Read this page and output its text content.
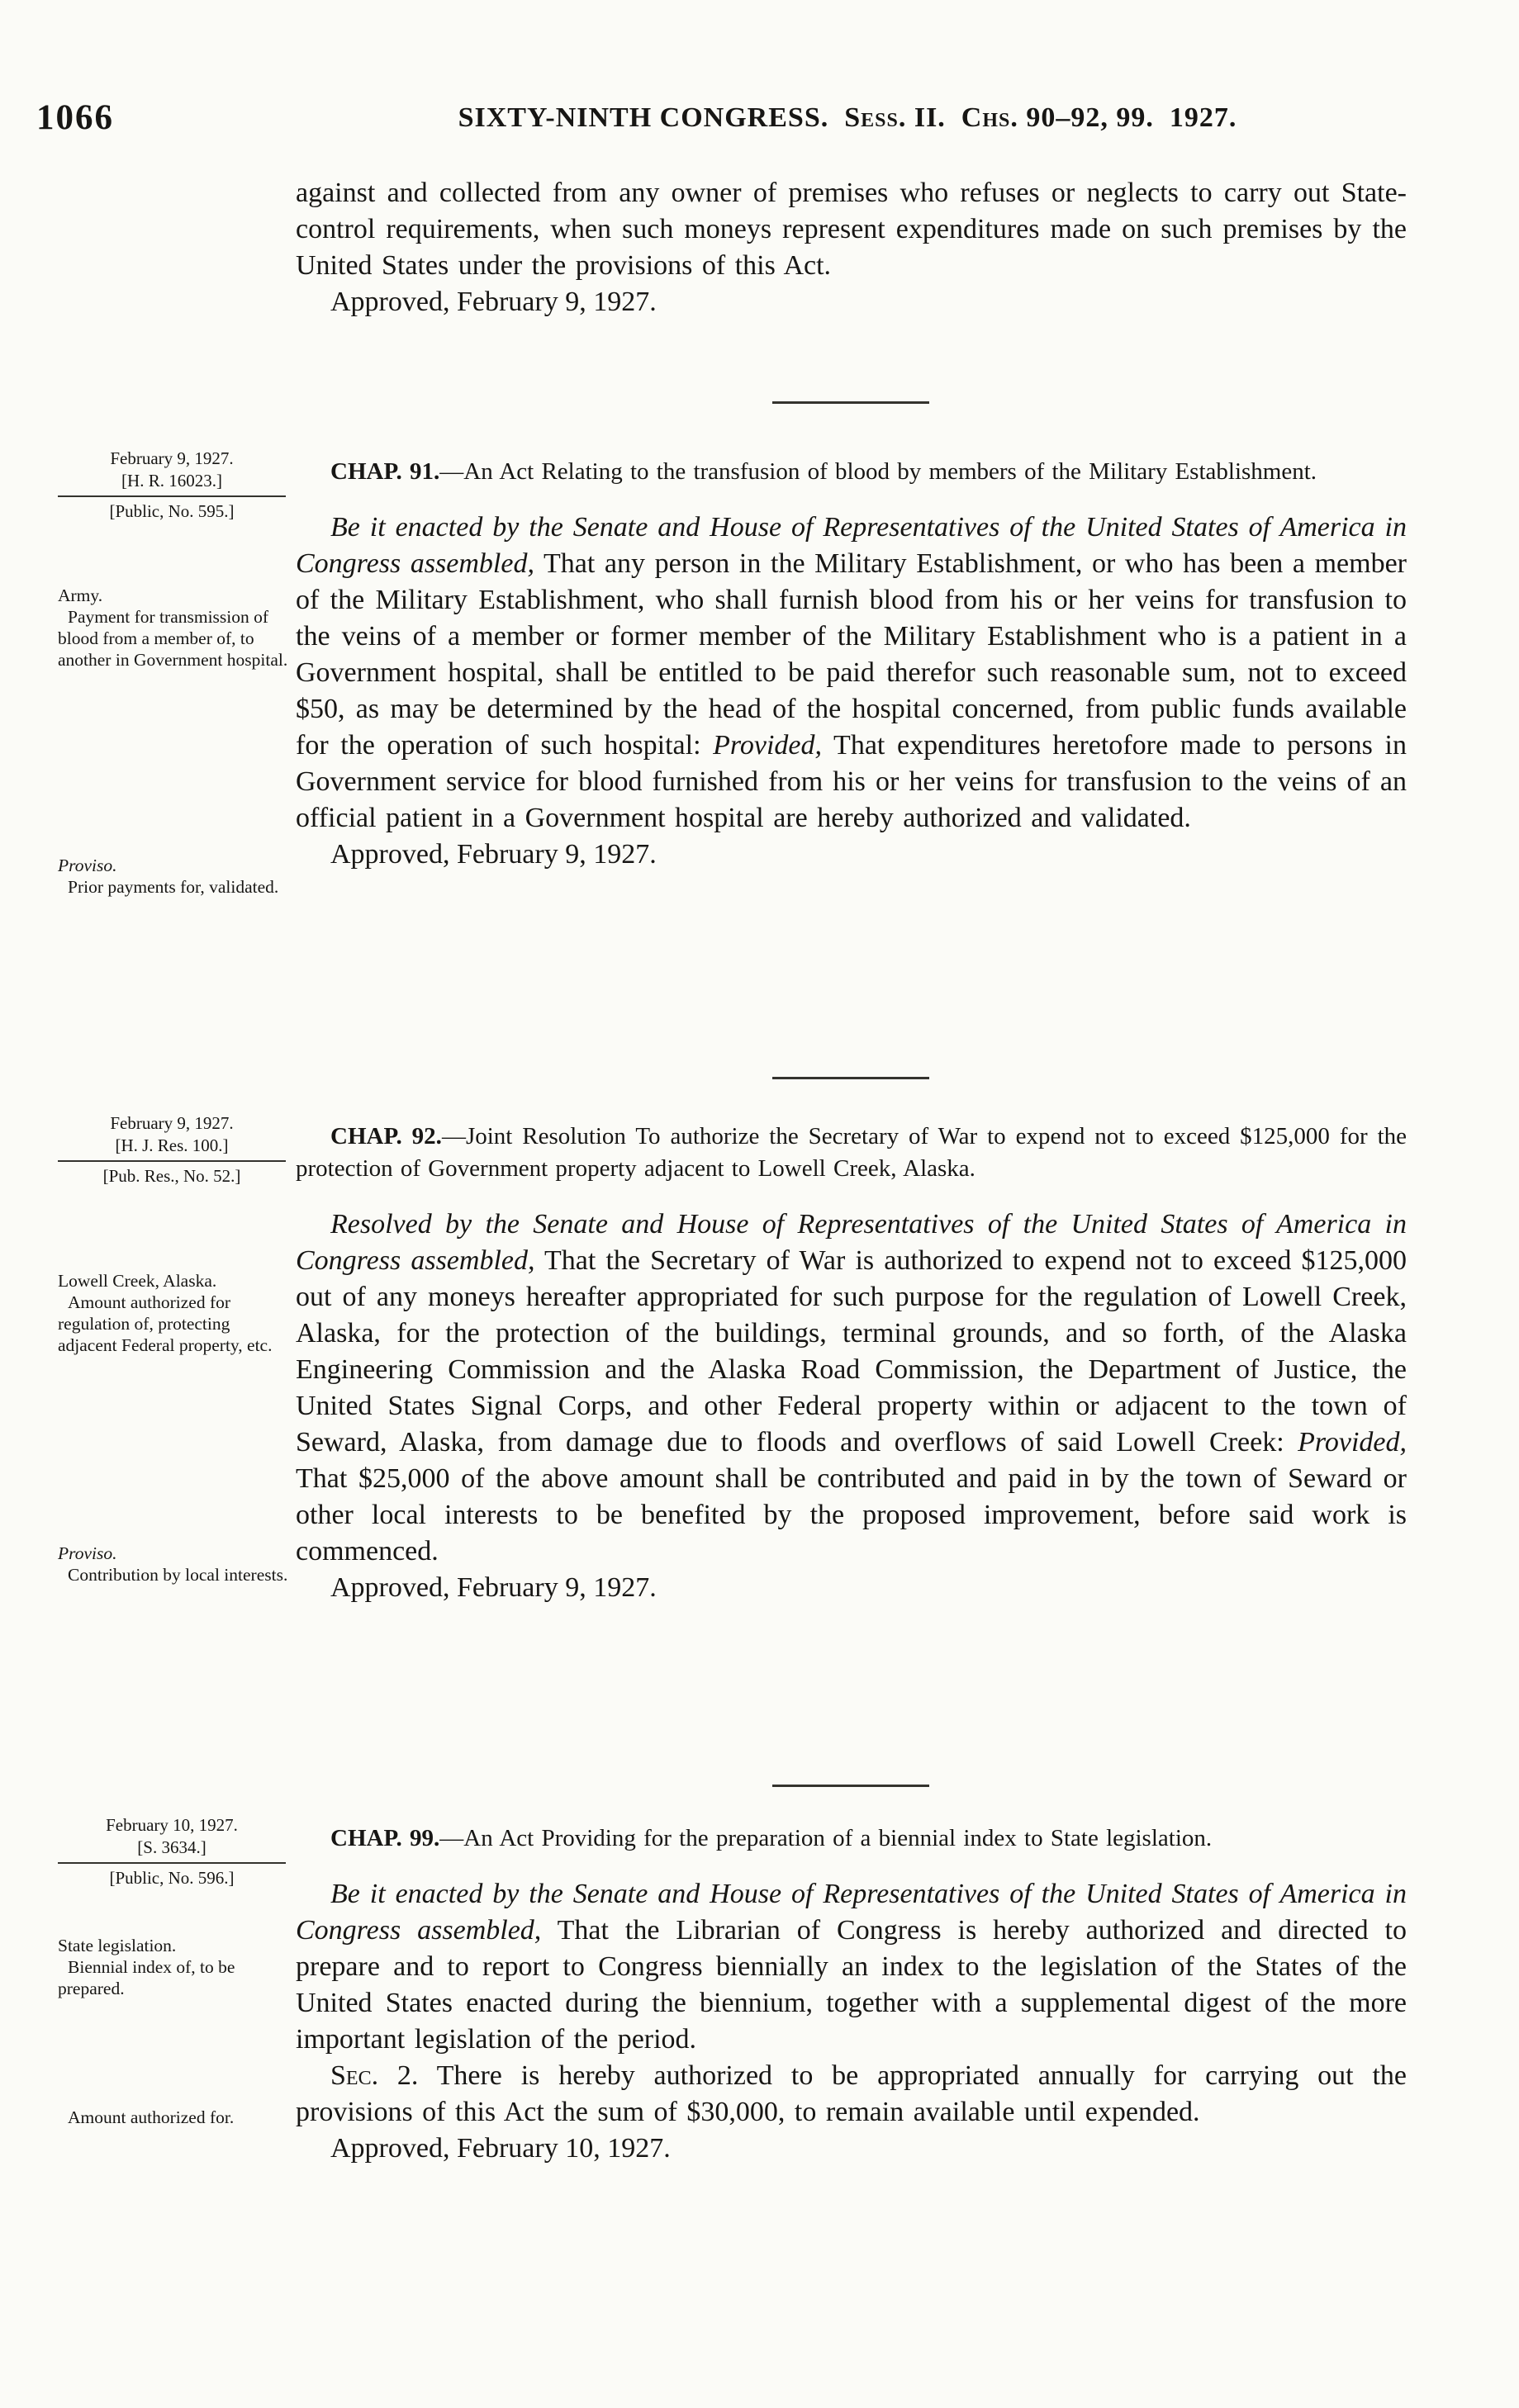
1066	SIXTY-NINTH CONGRESS.  Sess. II.  Chs. 90–92, 99.  1927.

against and collected from any owner of premises who refuses or neglects to carry out State-control requirements, when such moneys represent expenditures made on such premises by the United States under the provisions of this Act.

Approved, February 9, 1927.

February 9, 1927.
[H. R. 16023.]
[Public, No. 595.]
Army.
Payment for transmission of blood from a member of, to another in Government hospital.
Proviso.
Prior payments for, validated.

CHAP. 91.—An Act Relating to the transfusion of blood by members of the Military Establishment.

Be it enacted by the Senate and House of Representatives of the United States of America in Congress assembled, That any person in the Military Establishment, or who has been a member of the Military Establishment, who shall furnish blood from his or her veins for transfusion to the veins of a member or former member of the Military Establishment who is a patient in a Government hospital, shall be entitled to be paid therefor such reasonable sum, not to exceed $50, as may be determined by the head of the hospital concerned, from public funds available for the operation of such hospital: Provided, That expenditures heretofore made to persons in Government service for blood furnished from his or her veins for transfusion to the veins of an official patient in a Government hospital are hereby authorized and validated.

Approved, February 9, 1927.

February 9, 1927.
[H. J. Res. 100.]
[Pub. Res., No. 52.]
Lowell Creek, Alaska.
Amount authorized for regulation of, protecting adjacent Federal property, etc.
Proviso.
Contribution by local interests.

CHAP. 92.—Joint Resolution To authorize the Secretary of War to expend not to exceed $125,000 for the protection of Government property adjacent to Lowell Creek, Alaska.

Resolved by the Senate and House of Representatives of the United States of America in Congress assembled, That the Secretary of War is authorized to expend not to exceed $125,000 out of any moneys hereafter appropriated for such purpose for the regulation of Lowell Creek, Alaska, for the protection of the buildings, terminal grounds, and so forth, of the Alaska Engineering Commission and the Alaska Road Commission, the Department of Justice, the United States Signal Corps, and other Federal property within or adjacent to the town of Seward, Alaska, from damage due to floods and overflows of said Lowell Creek: Provided, That $25,000 of the above amount shall be contributed and paid in by the town of Seward or other local interests to be benefited by the proposed improvement, before said work is commenced.

Approved, February 9, 1927.

February 10, 1927.
[S. 3634.]
[Public, No. 596.]
State legislation.
Biennial index of, to be prepared.
Amount authorized for.

CHAP. 99.—An Act Providing for the preparation of a biennial index to State legislation.

Be it enacted by the Senate and House of Representatives of the United States of America in Congress assembled, That the Librarian of Congress is hereby authorized and directed to prepare and to report to Congress biennially an index to the legislation of the States of the United States enacted during the biennium, together with a supplemental digest of the more important legislation of the period.

Sec. 2. There is hereby authorized to be appropriated annually for carrying out the provisions of this Act the sum of $30,000, to remain available until expended.

Approved, February 10, 1927.
